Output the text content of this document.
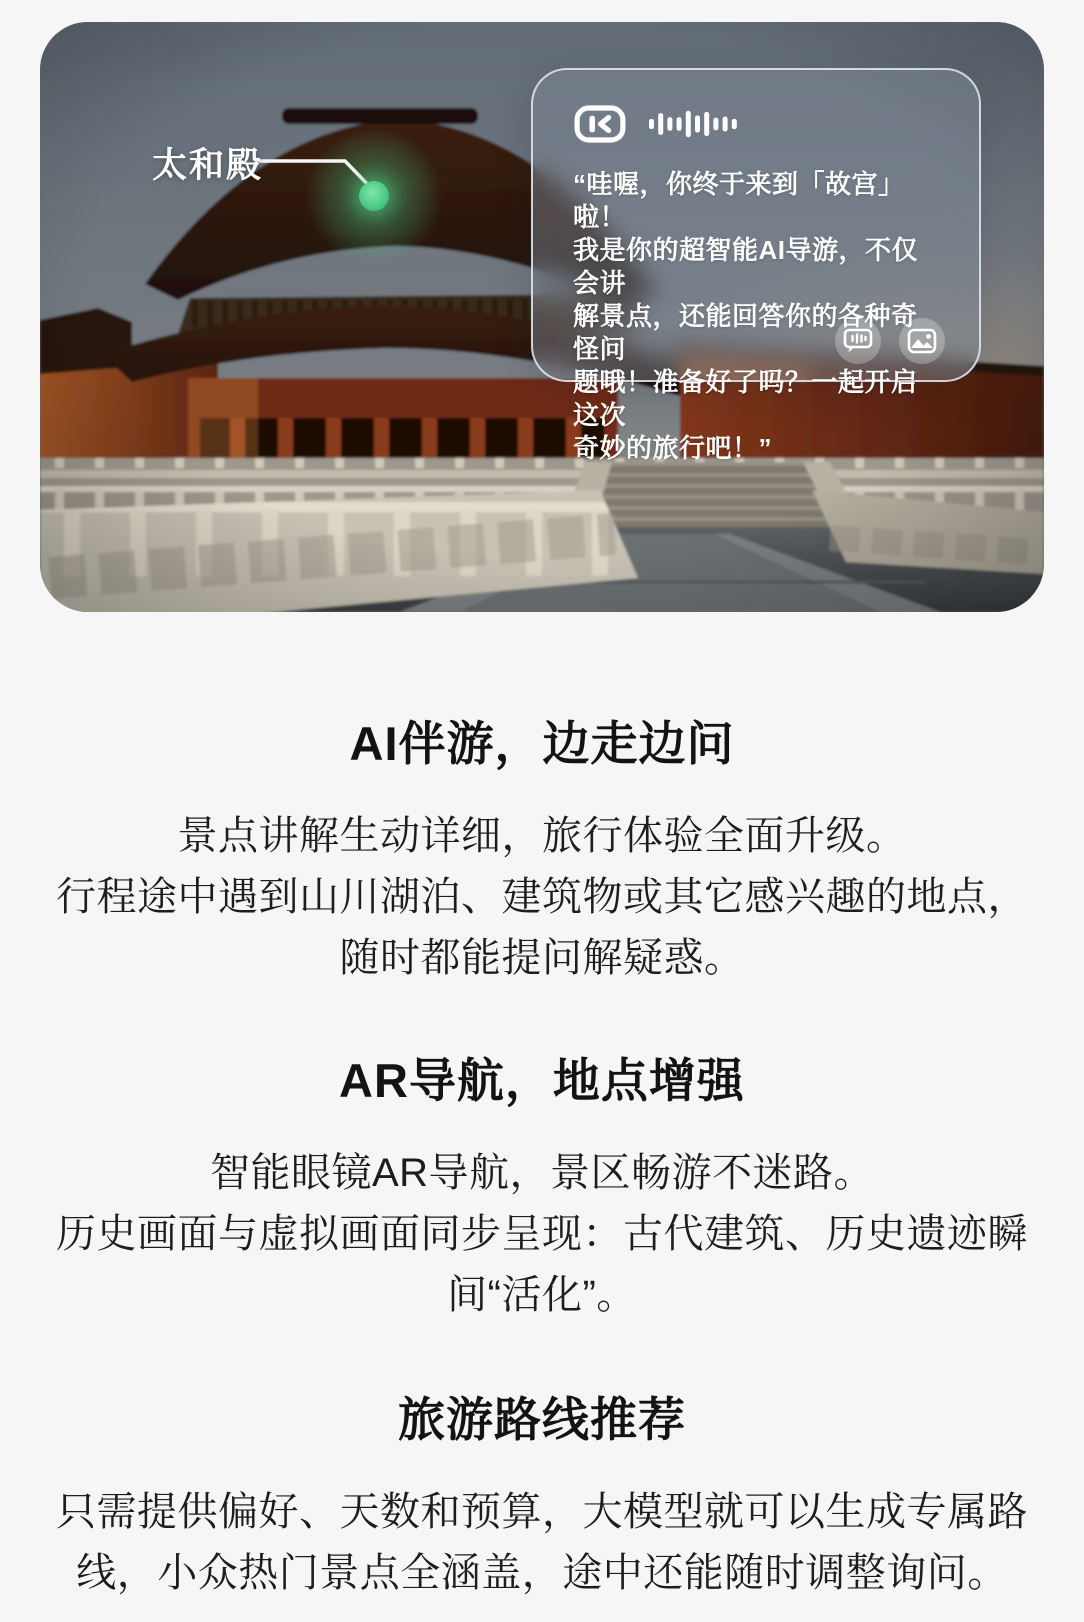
太和殿	“哇喔，你终于来到「故宫」啦！
我是你的超智能AI导游，不仅会讲
解景点，还能回答你的各种奇怪问
题哦！准备好了吗？一起开启这次
奇妙的旅行吧！”
AI伴游，边走边问
景点讲解生动详细，旅行体验全面升级。
行程途中遇到山川湖泊、建筑物或其它感兴趣的地点，
随时都能提问解疑惑。
AR导航，地点增强
智能眼镜AR导航，景区畅游不迷路。
历史画面与虚拟画面同步呈现：古代建筑、历史遗迹瞬
间“活化”。
旅游路线推荐
只需提供偏好、天数和预算，大模型就可以生成专属路
线，小众热门景点全涵盖，途中还能随时调整询问。
